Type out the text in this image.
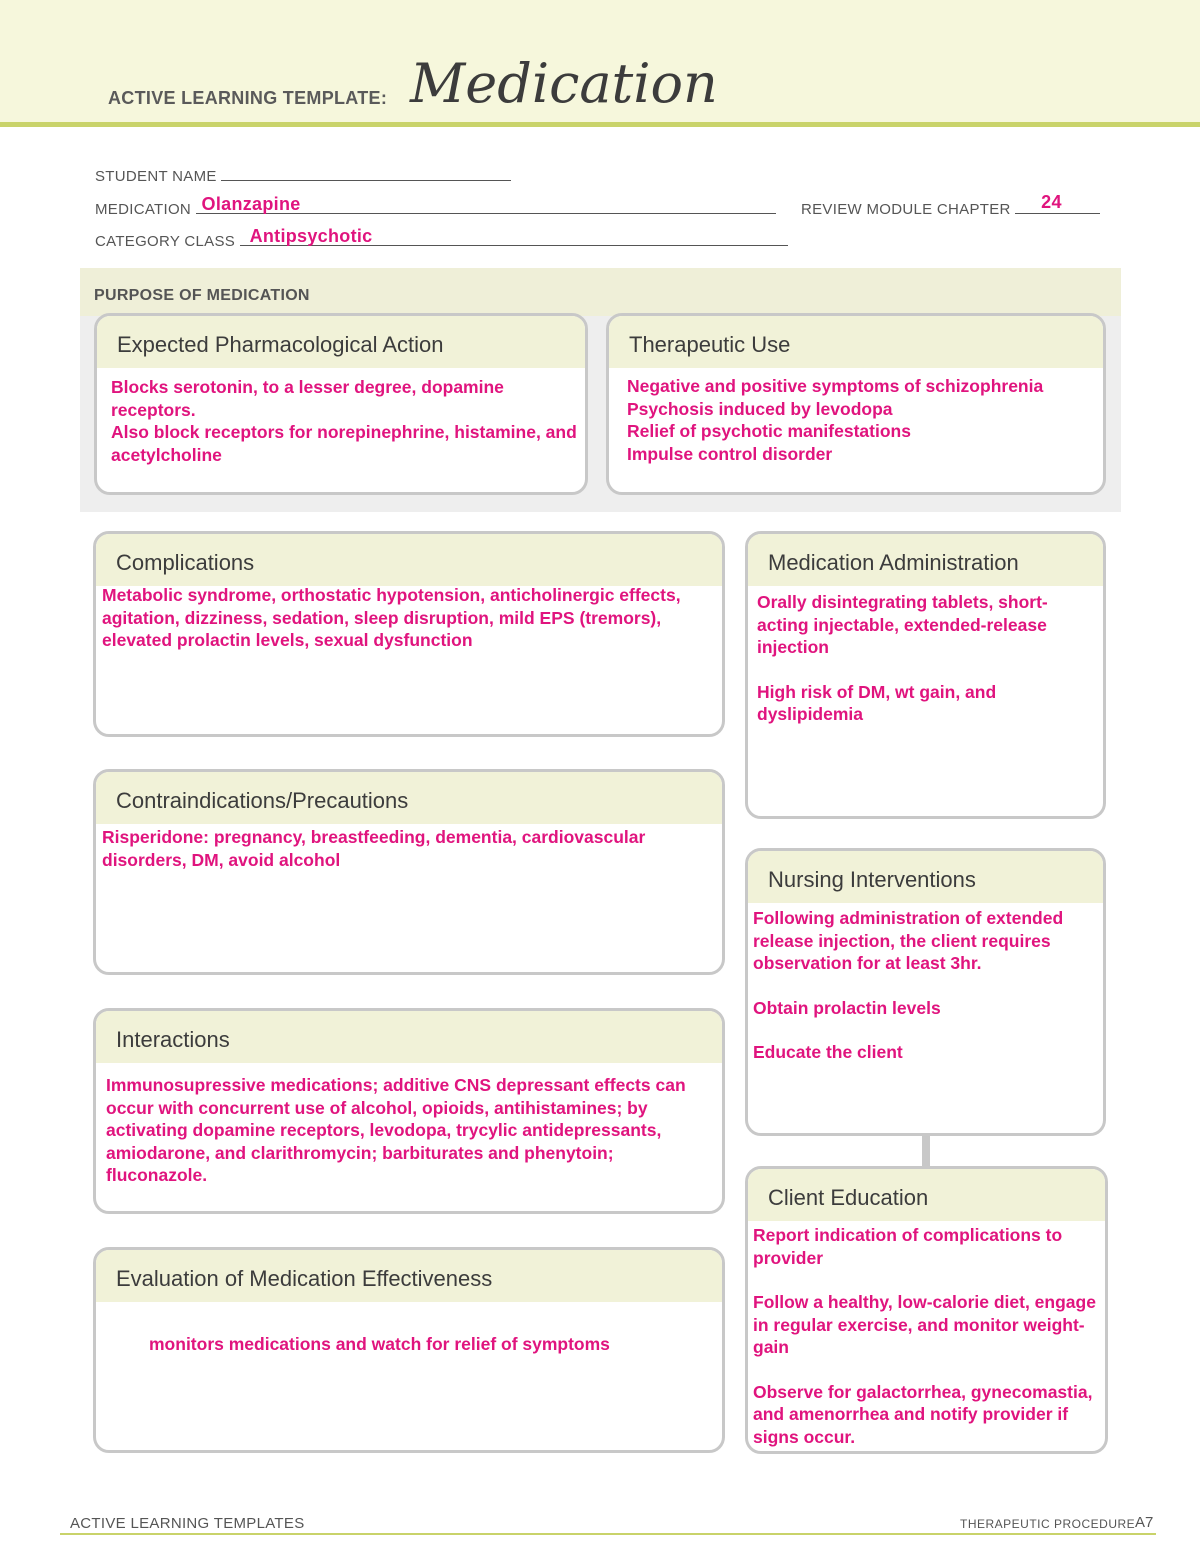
ACTIVE LEARNING TEMPLATE: Medication
STUDENT NAME
MEDICATION Olanzapine	REVIEW MODULE CHAPTER 24
CATEGORY CLASS Antipsychotic
PURPOSE OF MEDICATION
Expected Pharmacological Action

Blocks serotonin, to a lesser degree, dopamine receptors.

Also block receptors for norepinephrine, histamine, and acetylcholine

Therapeutic Use

Negative and positive symptoms of schizophrenia

Psychosis induced by levodopa

Relief of psychotic manifestations

Impulse control disorder

Complications
Metabolic syndrome, orthostatic hypotension, anticholinergic effects, agitation, dizziness, sedation, sleep disruption, mild EPS (tremors), elevated prolactin levels, sexual dysfunction
Contraindications/Precautions
Risperidone: pregnancy, breastfeeding, dementia, cardiovascular disorders, DM, avoid alcohol
Interactions
Immunosupressive medications; additive CNS depressant effects can occur with concurrent use of alcohol, opioids, antihistamines; by activating dopamine receptors, levodopa, trycylic antidepressants, amiodarone, and clarithromycin; barbiturates and phenytoin; fluconazole.
Evaluation of Medication Effectiveness
monitors medications and watch for relief of symptoms
Medication Administration

Orally disintegrating tablets, short-acting injectable, extended-release injection

High risk of DM, wt gain, and dyslipidemia

Nursing Interventions

Following administration of extended release injection, the client requires observation for at least 3hr.

Obtain prolactin levels

Educate the client

Client Education

Report indication of complications to provider

Follow a healthy, low-calorie diet, engage in regular exercise, and monitor weight-gain

Observe for galactorrhea, gynecomastia, and amenorrhea and notify provider if signs occur.

ACTIVE LEARNING TEMPLATES	THERAPEUTIC PROCEDURE A7
